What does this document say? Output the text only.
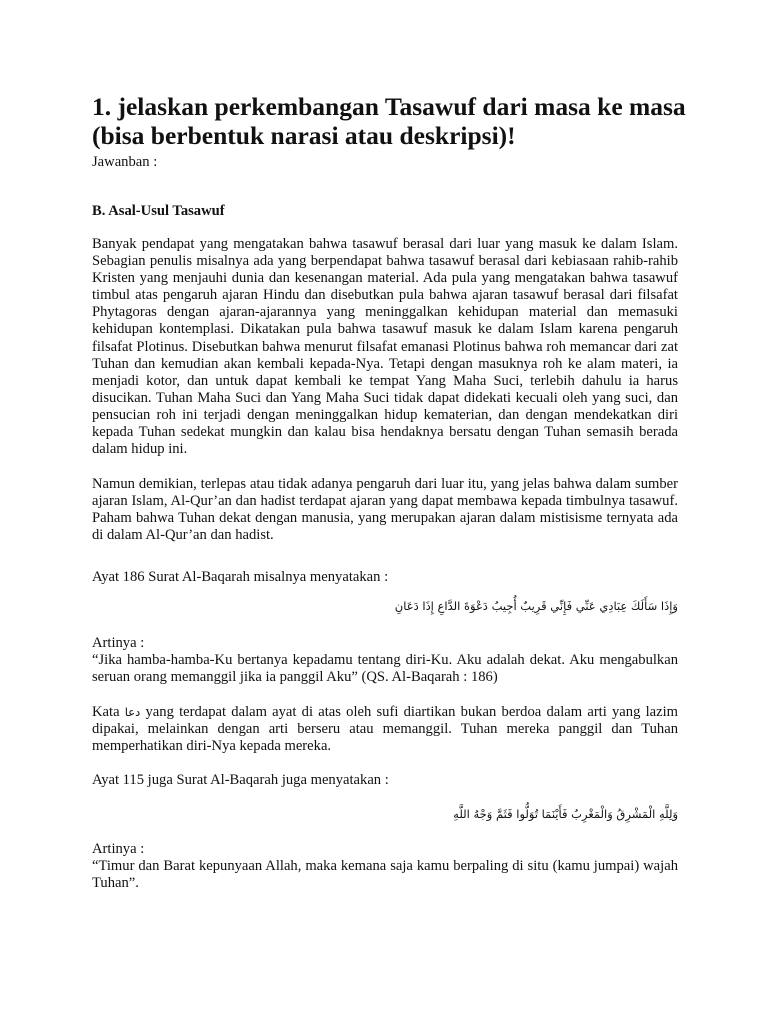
1. jelaskan perkembangan Tasawuf dari masa ke masa (bisa berbentuk narasi atau deskripsi)!
Jawanban :
B. Asal-Usul Tasawuf

Banyak pendapat yang mengatakan bahwa tasawuf berasal dari luar yang masuk ke dalam Islam. Sebagian penulis misalnya ada yang berpendapat bahwa tasawuf berasal dari kebiasaan rahib-rahib Kristen yang menjauhi dunia dan kesenangan material. Ada pula yang mengatakan bahwa tasawuf timbul atas pengaruh ajaran Hindu dan disebutkan pula bahwa ajaran tasawuf berasal dari filsafat Phytagoras dengan ajaran-ajarannya yang meninggalkan kehidupan material dan memasuki kehidupan kontemplasi. Dikatakan pula bahwa tasawuf masuk ke dalam Islam karena pengaruh filsafat Plotinus. Disebutkan bahwa menurut filsafat emanasi Plotinus bahwa roh memancar dari zat Tuhan dan kemudian akan kembali kepada-Nya. Tetapi dengan masuknya roh ke alam materi, ia menjadi kotor, dan untuk dapat kembali ke tempat Yang Maha Suci, terlebih dahulu ia harus disucikan. Tuhan Maha Suci dan Yang Maha Suci tidak dapat didekati kecuali oleh yang suci, dan pensucian roh ini terjadi dengan meninggalkan hidup kematerian, dan dengan mendekatkan diri kepada Tuhan sedekat mungkin dan kalau bisa hendaknya bersatu dengan Tuhan semasih berada dalam hidup ini.

Namun demikian, terlepas atau tidak adanya pengaruh dari luar itu, yang jelas bahwa dalam sumber ajaran Islam, Al-Qur’an dan hadist terdapat ajaran yang dapat membawa kepada timbulnya tasawuf. Paham bahwa Tuhan dekat dengan manusia, yang merupakan ajaran dalam mistisisme ternyata ada di dalam Al-Qur’an dan hadist.

Ayat 186 Surat Al-Baqarah misalnya menyatakan :
وَإِذَا سَأَلَكَ عِبَادِي عَنِّي فَإِنِّي قَرِيبٌ أُجِيبُ دَعْوَةَ الدَّاعِ إِذَا دَعَانِ
Artinya :

“Jika hamba-hamba-Ku bertanya kepadamu tentang diri-Ku. Aku adalah dekat. Aku mengabulkan seruan orang memanggil jika ia panggil Aku” (QS. Al-Baqarah : 186)

Kata دعا yang terdapat dalam ayat di atas oleh sufi diartikan bukan berdoa dalam arti yang lazim dipakai, melainkan dengan arti berseru atau memanggil. Tuhan mereka panggil dan Tuhan memperhatikan diri-Nya kepada mereka.

Ayat 115 juga Surat Al-Baqarah juga menyatakan :
وَلِلَّهِ الْمَشْرِقُ وَالْمَغْرِبُ فَأَيْنَمَا تُوَلُّوا فَثَمَّ وَجْهُ اللَّهِ
Artinya :

“Timur dan Barat kepunyaan Allah, maka kemana saja kamu berpaling di situ (kamu jumpai) wajah Tuhan”.
